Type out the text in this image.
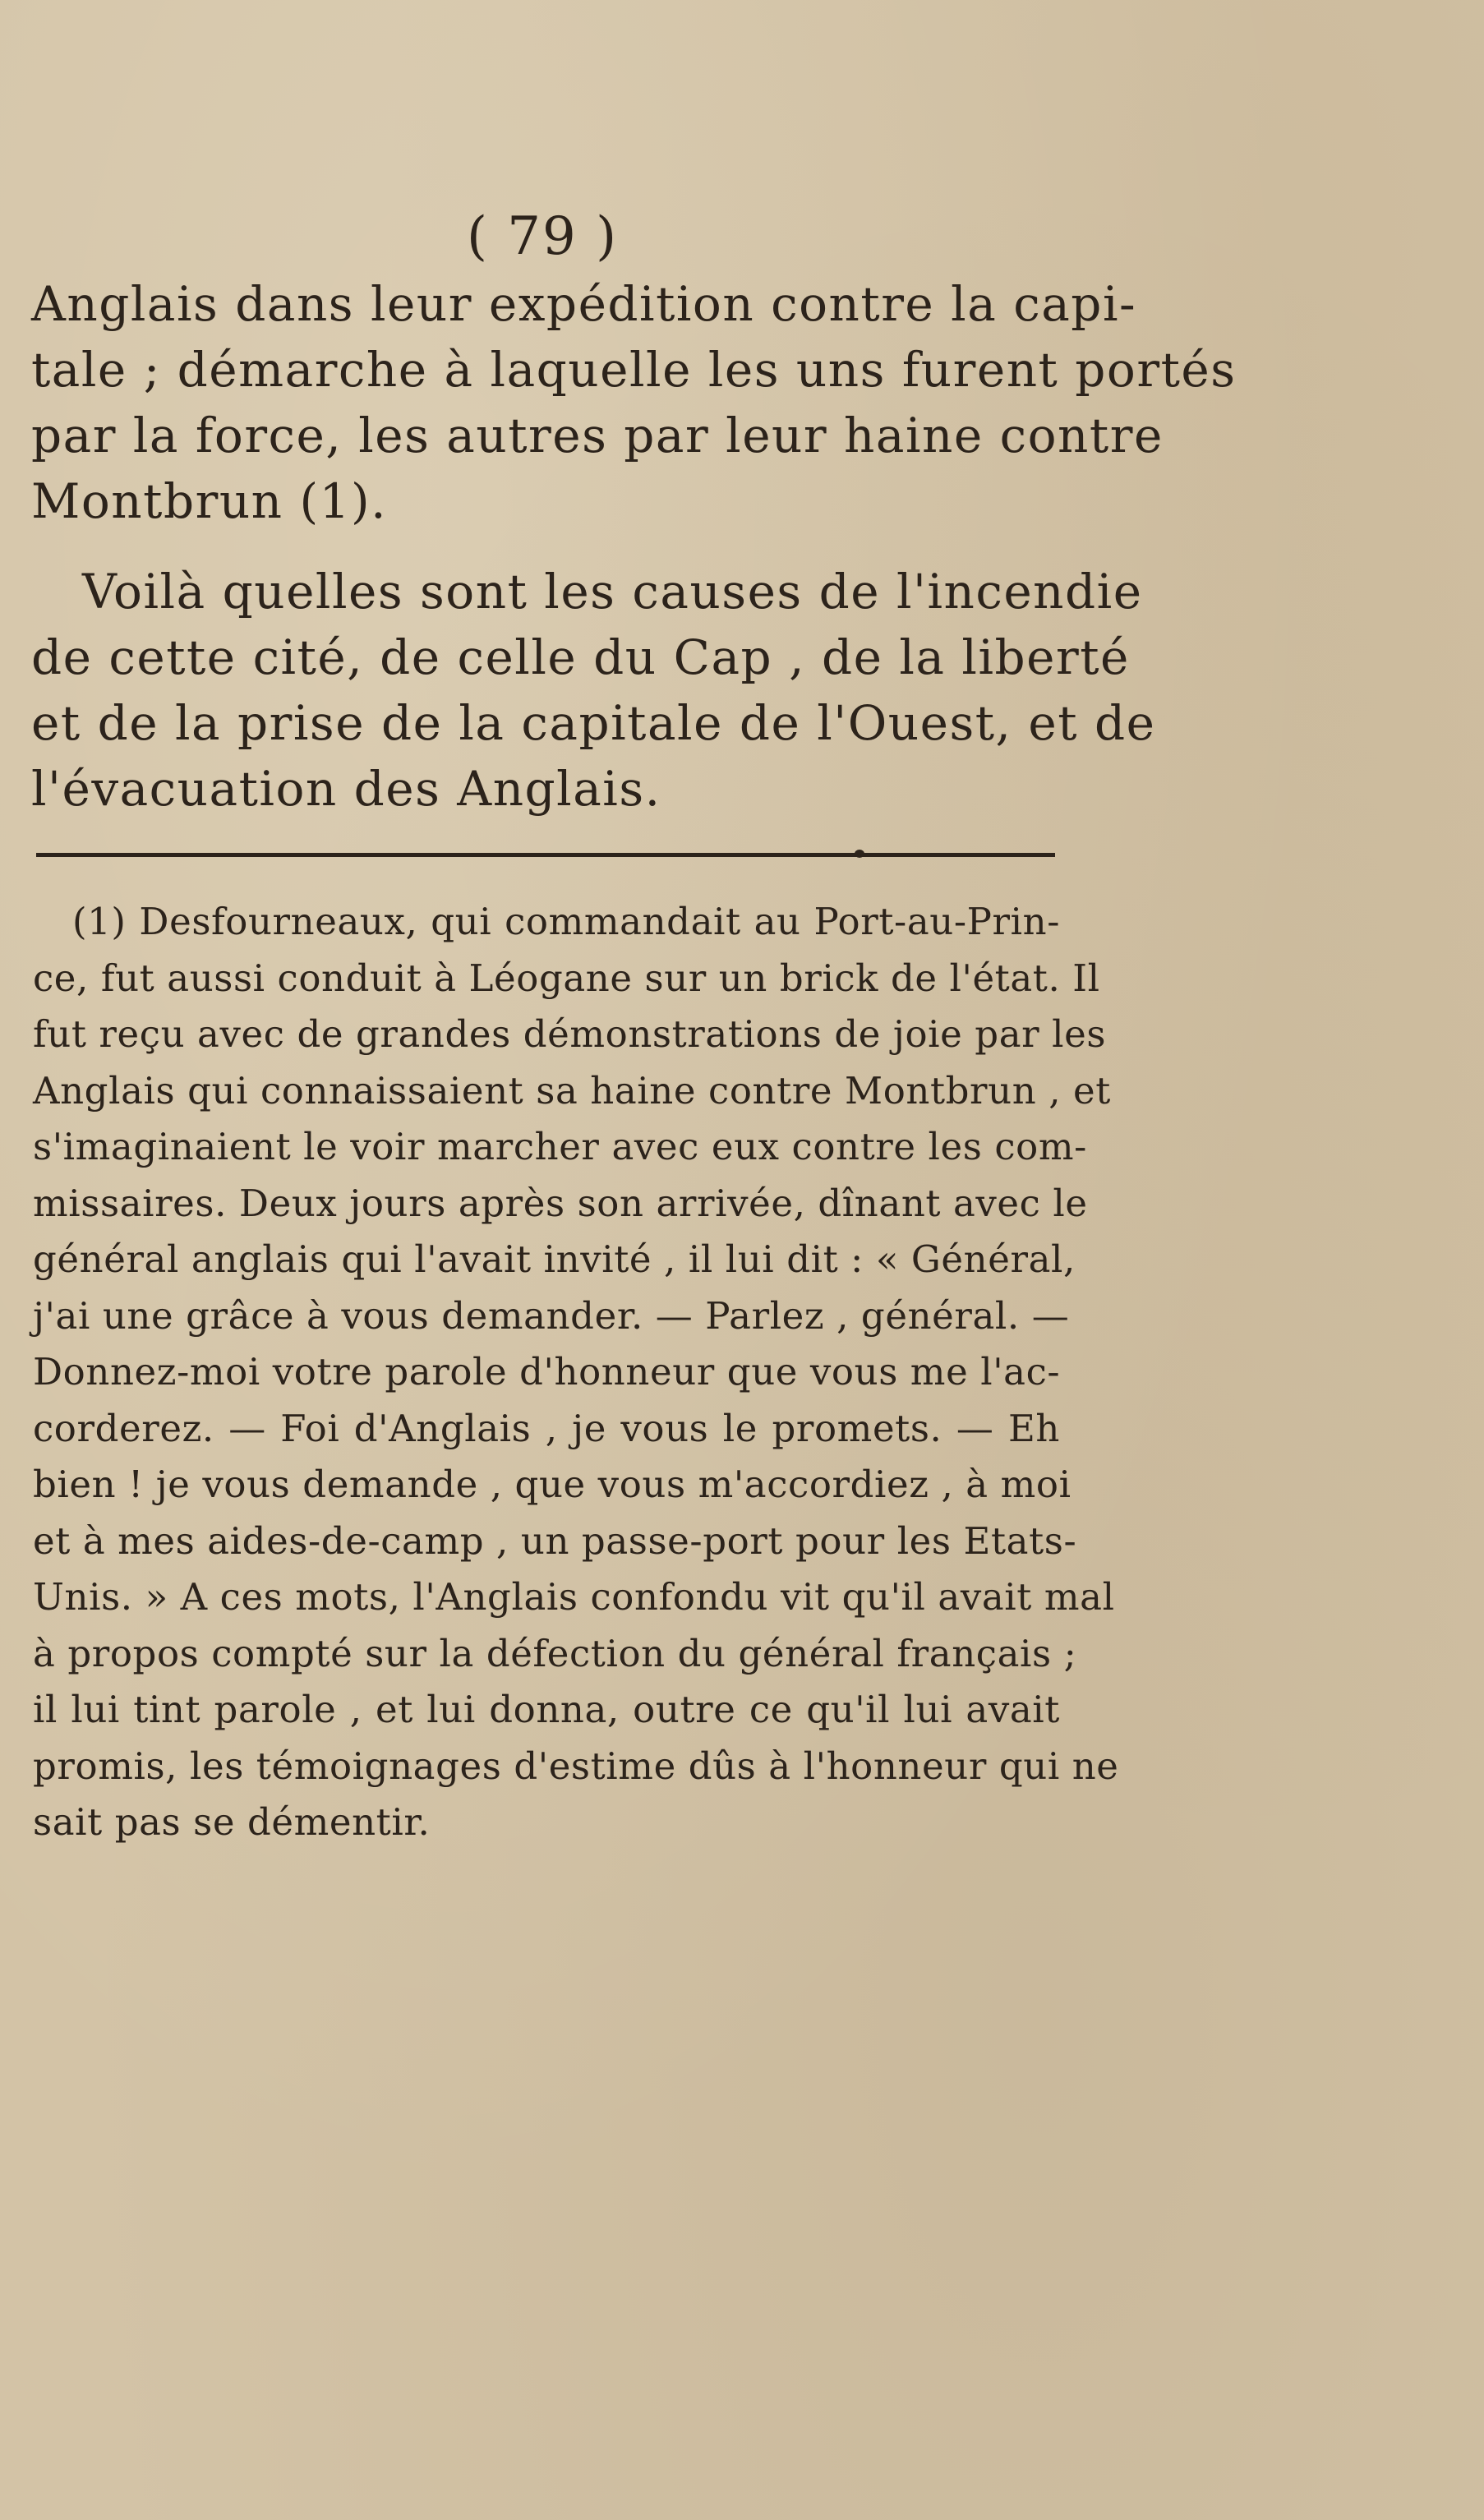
( 79 )

Anglais dans leur expédition contre la capi-
tale ; démarche à laquelle les uns furent portés
par la force, les autres par leur haine contre
Montbrun (1).

Voilà quelles sont les causes de l'incendie
de cette cité, de celle du Cap , de la liberté
et de la prise de la capitale de l'Ouest, et de
l'évacuation des Anglais.

(1) Desfourneaux, qui commandait au Port-au-Prin-
ce, fut aussi conduit à Léogane sur un brick de l'état. Il
fut reçu avec de grandes démonstrations de joie par les
Anglais qui connaissaient sa haine contre Montbrun , et
s'imaginaient le voir marcher avec eux contre les com-
missaires. Deux jours après son arrivée, dînant avec le
général anglais qui l'avait invité , il lui dit : « Général,
j'ai une grâce à vous demander. — Parlez , général. —
Donnez-moi votre parole d'honneur que vous me l'ac-
corderez. — Foi d'Anglais , je vous le promets. — Eh
bien ! je vous demande , que vous m'accordiez , à moi
et à mes aides-de-camp , un passe-port pour les Etats-
Unis. » A ces mots, l'Anglais confondu vit qu'il avait mal
à propos compté sur la défection du général français ;
il lui tint parole , et lui donna, outre ce qu'il lui avait
promis, les témoignages d'estime dûs à l'honneur qui ne
sait pas se démentir.
